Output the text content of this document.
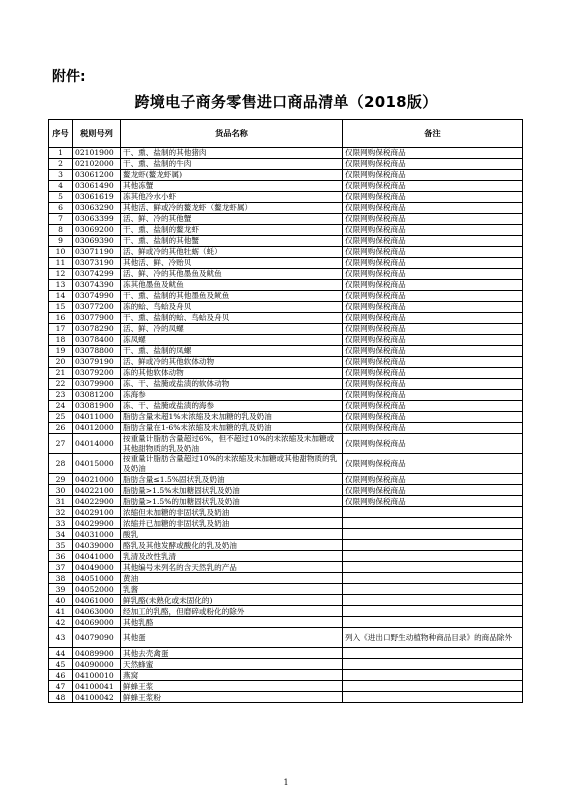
附件:
跨境电子商务零售进口商品清单（2018版）
序号	税则号列	货品名称	备注
1	02101900	干、熏、盐制的其他猪肉	仅限网购保税商品
2	02102000	干、熏、盐制的牛肉	仅限网购保税商品
3	03061200	鳌龙虾(鳌龙虾属)	仅限网购保税商品
4	03061490	其他冻蟹	仅限网购保税商品
5	03061619	冻其他冷水小虾	仅限网购保税商品
6	03063290	其他活、鲜或冷的鳌龙虾（鳌龙虾属）	仅限网购保税商品
7	03063399	活、鲜、冷的其他蟹	仅限网购保税商品
8	03069200	干、熏、盐制的鳌龙虾	仅限网购保税商品
9	03069390	干、熏、盐制的其他蟹	仅限网购保税商品
10	03071190	活、鲜或冷的其他牡蛎（蚝）	仅限网购保税商品
11	03073190	其他活、鲜、冷贻贝	仅限网购保税商品
12	03074299	活、鲜、冷的其他墨鱼及鱿鱼	仅限网购保税商品
13	03074390	冻其他墨鱼及鱿鱼	仅限网购保税商品
14	03074990	干、熏、盐制的其他墨鱼及鱿鱼	仅限网购保税商品
15	03077200	冻的蛤、鸟蛤及舟贝	仅限网购保税商品
16	03077900	干、熏、盐制的蛤、鸟蛤及舟贝	仅限网购保税商品
17	03078290	活、鲜、冷的凤螺	仅限网购保税商品
18	03078400	冻凤螺	仅限网购保税商品
19	03078800	干、熏、盐制的凤螺	仅限网购保税商品
20	03079190	活、鲜或冷的其他软体动物	仅限网购保税商品
21	03079200	冻的其他软体动物	仅限网购保税商品
22	03079900	冻、干、盐腌或盐渍的软体动物	仅限网购保税商品
23	03081200	冻海参	仅限网购保税商品
24	03081900	冻、干、盐腌或盐渍的海参	仅限网购保税商品
25	04011000	脂肪含量未超1%未浓缩及未加糖的乳及奶油	仅限网购保税商品
26	04012000	脂肪含量在1-6%未浓缩及未加糖的乳及奶油	仅限网购保税商品
27	04014000	按重量计脂肪含量超过6%，但不超过10%的未浓缩及未加糖或其他甜物质的乳及奶油	仅限网购保税商品
28	04015000	按重量计脂肪含量超过10%的未浓缩及未加糖或其他甜物质的乳及奶油	仅限网购保税商品
29	04021000	脂肪含量≤1.5%固状乳及奶油	仅限网购保税商品
30	04022100	脂肪量>1.5%未加糖固状乳及奶油	仅限网购保税商品
31	04022900	脂肪量>1.5%的加糖固状乳及奶油	仅限网购保税商品
32	04029100	浓缩但未加糖的非固状乳及奶油	
33	04029900	浓缩并已加糖的非固状乳及奶油	
34	04031000	酸乳	
35	04039000	酪乳及其他发酵或酸化的乳及奶油	
36	04041000	乳清及改性乳清	
37	04049000	其他编号未列名的含天然乳的产品	
38	04051000	黄油	
39	04052000	乳酱	
40	04061000	鲜乳酪(未熟化或未固化的)	
41	04063000	经加工的乳酪，但磨碎或粉化的除外	
42	04069000	其他乳酪	
43	04079090	其他蛋	列入《进出口野生动植物种商品目录》的商品除外
44	04089900	其他去壳禽蛋	
45	04090000	天然蜂蜜	
46	04100010	燕窝	
47	04100041	鲜蜂王浆	
48	04100042	鲜蜂王浆粉	
1
